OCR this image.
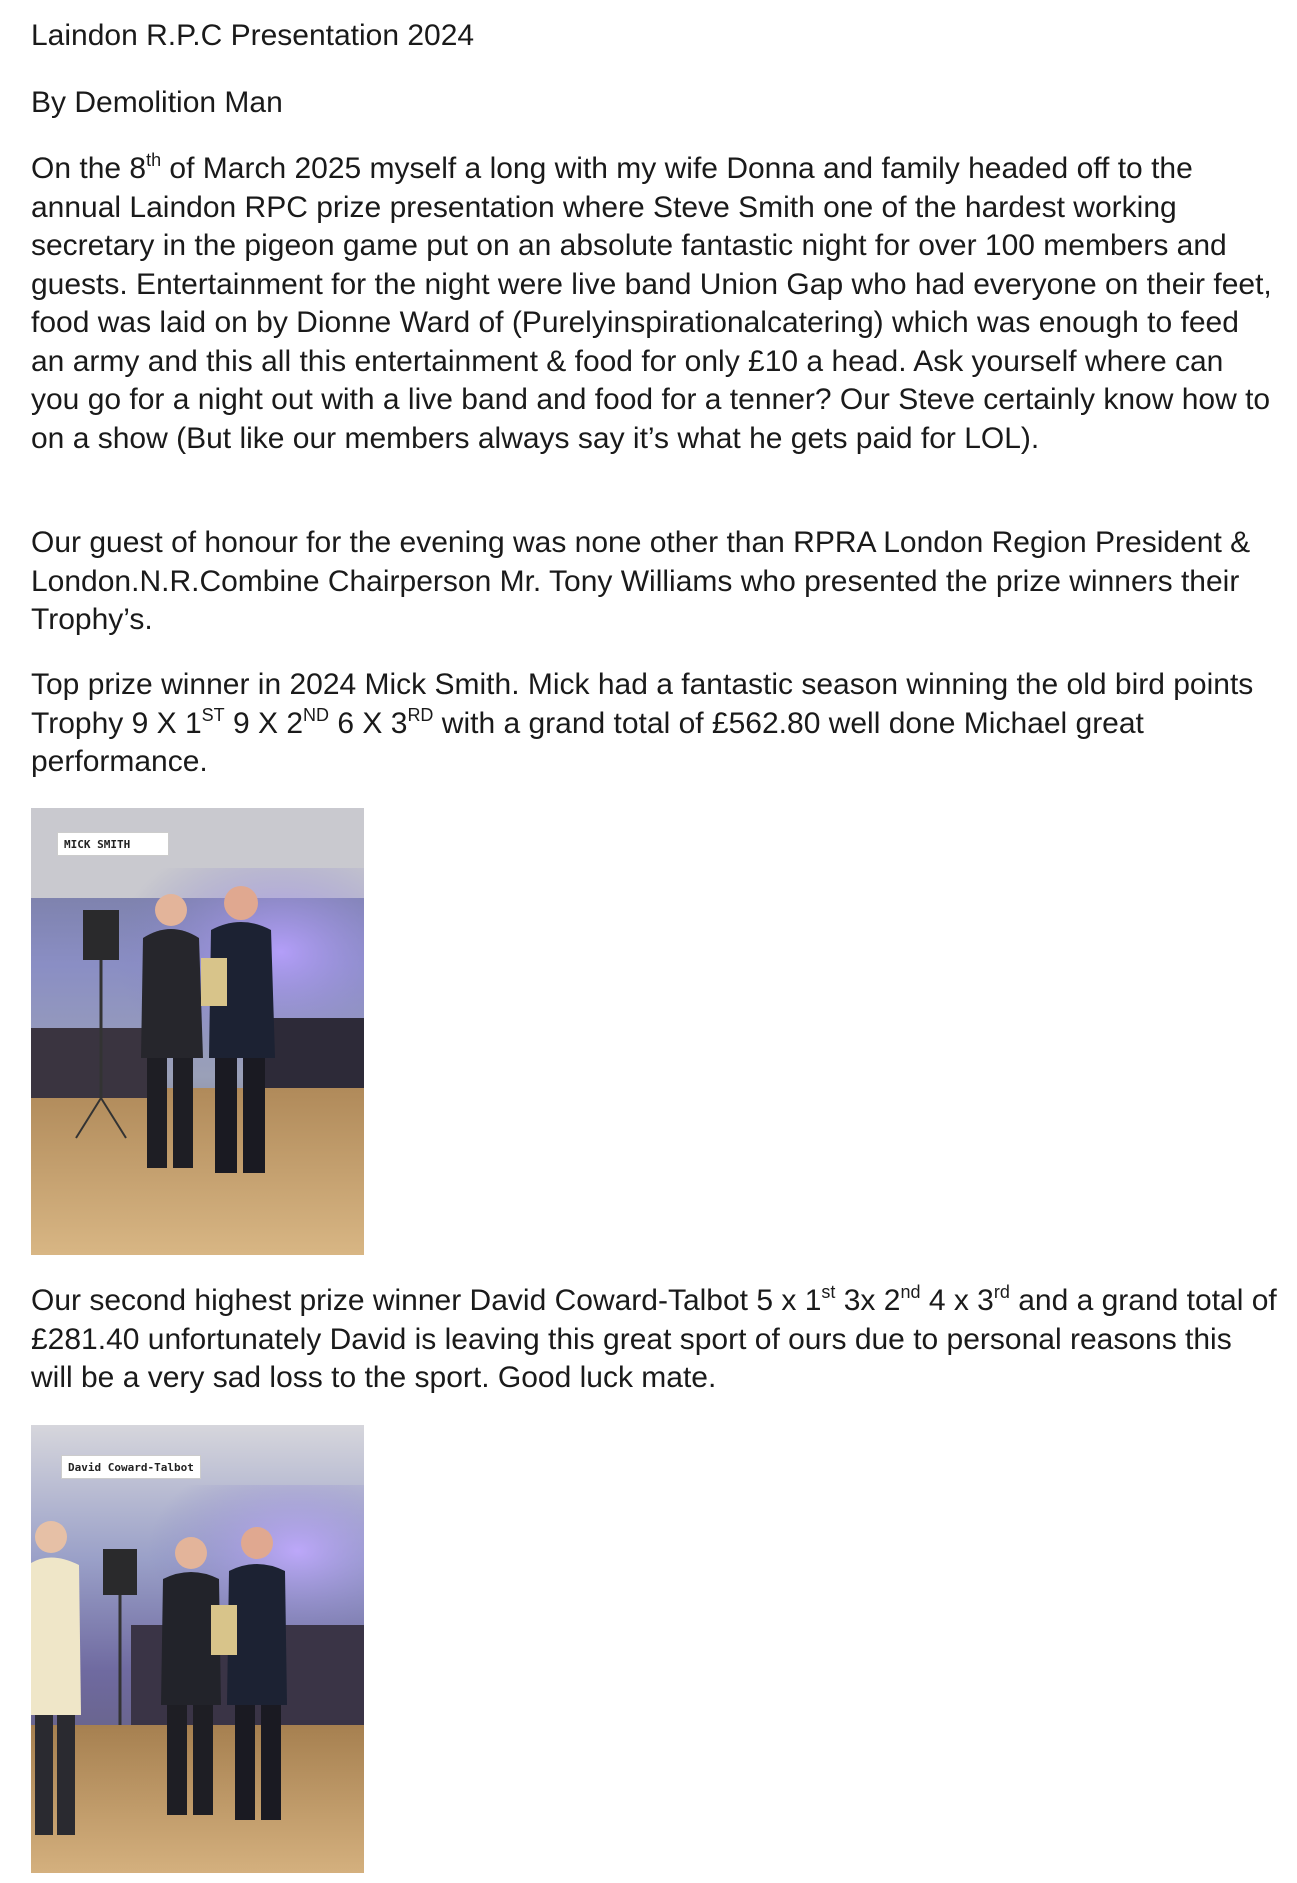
Laindon R.P.C Presentation 2024

By Demolition Man

On the 8th of March 2025 myself a long with my wife Donna and family headed off to the annual Laindon RPC prize presentation where Steve Smith one of the hardest working secretary in the pigeon game put on an absolute fantastic night for over 100 members and guests. Entertainment for the night were live band Union Gap who had everyone on their feet, food was laid on by Dionne Ward of (Purelyinspirationalcatering) which was enough to feed an army and this all this entertainment & food for only £10 a head. Ask yourself where can you go for a night out with a live band and food for a tenner? Our Steve certainly know how to on a show (But like our members always say it’s what he gets paid for LOL).

Our guest of honour for the evening was none other than RPRA London Region President & London.N.R.Combine Chairperson Mr. Tony Williams who presented the prize winners their Trophy’s.

Top prize winner in 2024 Mick Smith. Mick had a fantastic season winning the old bird points Trophy 9 X 1ST 9 X 2ND 6 X 3RD with a grand total of £562.80 well done Michael great performance.

MICK SMITH

Our second highest prize winner David Coward-Talbot 5 x 1st 3x 2nd 4 x 3rd and a grand total of £281.40 unfortunately David is leaving this great sport of ours due to personal reasons this will be a very sad loss to the sport. Good luck mate.

David Coward-Talbot
